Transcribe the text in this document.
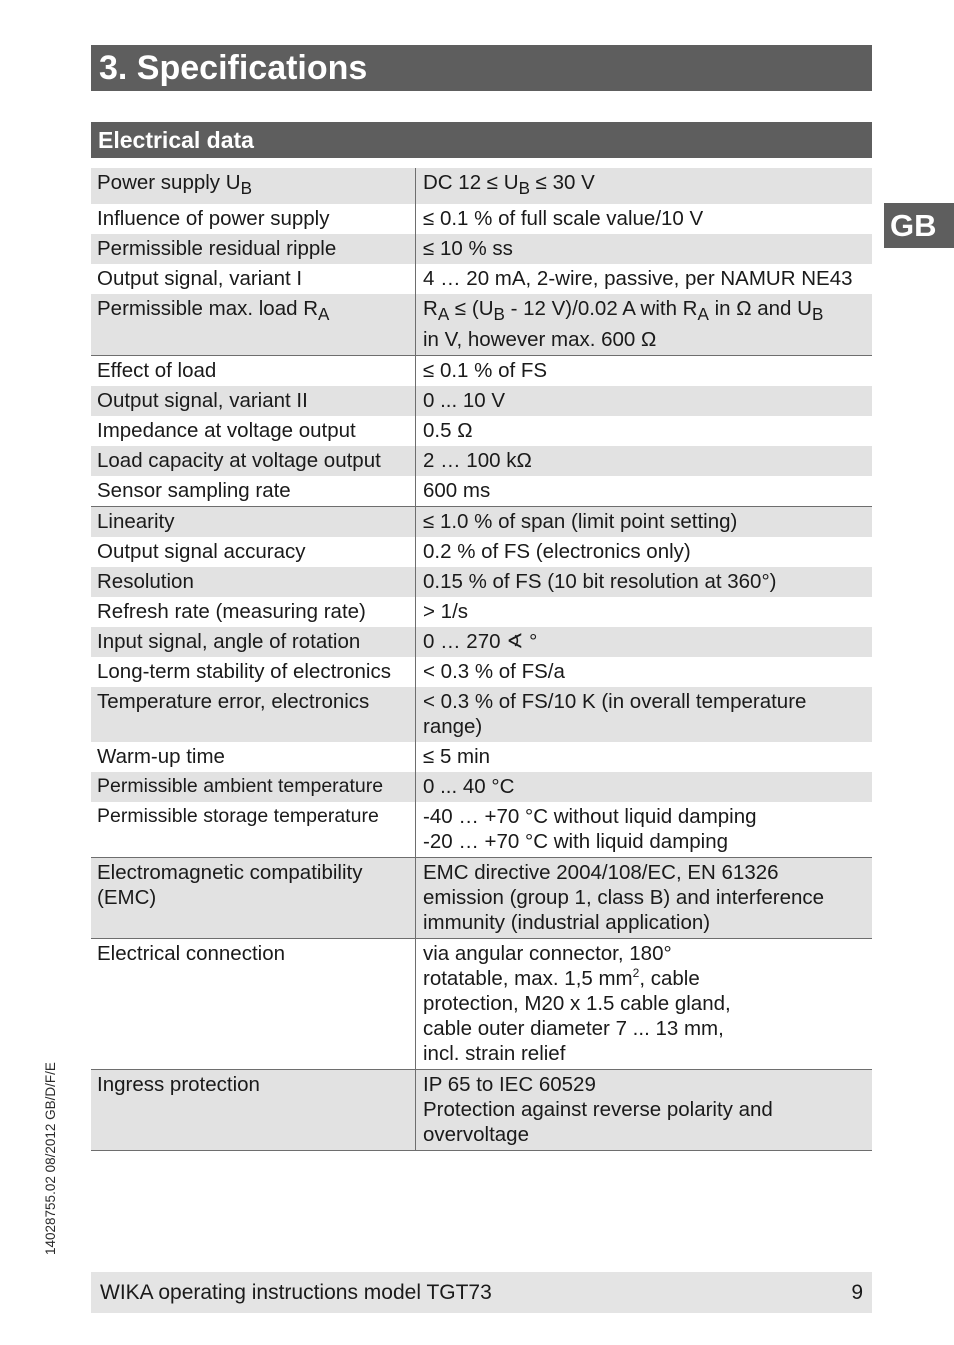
3. Specifications
Electrical data
GB
Power supply $U_B$	DC $12 \le U_B \le 30$ V
Influence of power supply	≤ 0.1 % of full scale value/10 V
Permissible residual ripple	≤ 10 % ss
Output signal, variant I	4 … 20 mA, 2-wire, passive, per NAMUR NE43
Permissible max. load $R_A$	$R_A \le (U_B - 12$ V)/0.02 A with $R_A$ in Ω and $U_B$
in V, however max. 600 Ω
Effect of load	≤ 0.1 % of FS
Output signal, variant II	0 ... 10 V
Impedance at voltage output	0.5 Ω
Load capacity at voltage output	2 … 100 kΩ
Sensor sampling rate	600 ms
Linearity	≤ 1.0 % of span (limit point setting)
Output signal accuracy	0.2 % of FS (electronics only)
Resolution	0.15 % of FS (10 bit resolution at 360°)
Refresh rate (measuring rate)	> 1/s
Input signal, angle of rotation	0 … 270 ∢ °
Long-term stability of electronics	< 0.3 % of FS/a
Temperature error, electronics	< 0.3 % of FS/10 K (in overall temperature
range)
Warm-up time	≤ 5 min
Permissible ambient temperature	0 ... 40 °C
Permissible storage temperature	-40 … +70 °C without liquid damping
-20 … +70 °C with liquid damping
Electromagnetic compatibility
(EMC)	EMC directive 2004/108/EC, EN 61326
emission (group 1, class B) and interference
immunity (industrial application)
Electrical connection	via angular connector, 180°
rotatable, max. 1,5 $mm^2$, cable
protection, M20 x 1.5 cable gland,
cable outer diameter 7 ... 13 mm,
incl. strain relief
Ingress protection	IP 65 to IEC 60529
Protection against reverse polarity and
overvoltage
14028755.02 08/2012 GB/D/F/E
WIKA operating instructions model TGT73	9
